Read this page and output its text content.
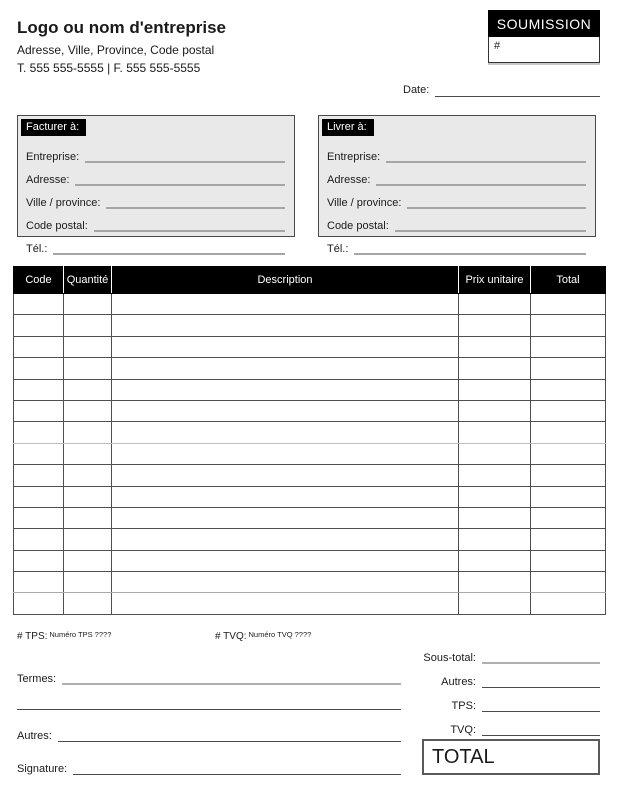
Logo ou nom d'entreprise
Adresse, Ville, Province, Code postal
T. 555 555-5555 | F. 555 555-5555
SOUMISSION
#
Date:
Facturer à:
Entreprise:
Adresse:
Ville / province:
Code postal:
Tél.:
Livrer à:
Entreprise:
Adresse:
Ville / province:
Code postal:
Tél.:
Code	Quantité	Description	Prix unitaire	Total

# TPS: $^{Numéro TPS ????}$	# TVQ: $^{Numéro TVQ ????}$
Sous-total:
Autres:
TPS:
TVQ:
TOTAL
Termes:
Autres:
Signature:
